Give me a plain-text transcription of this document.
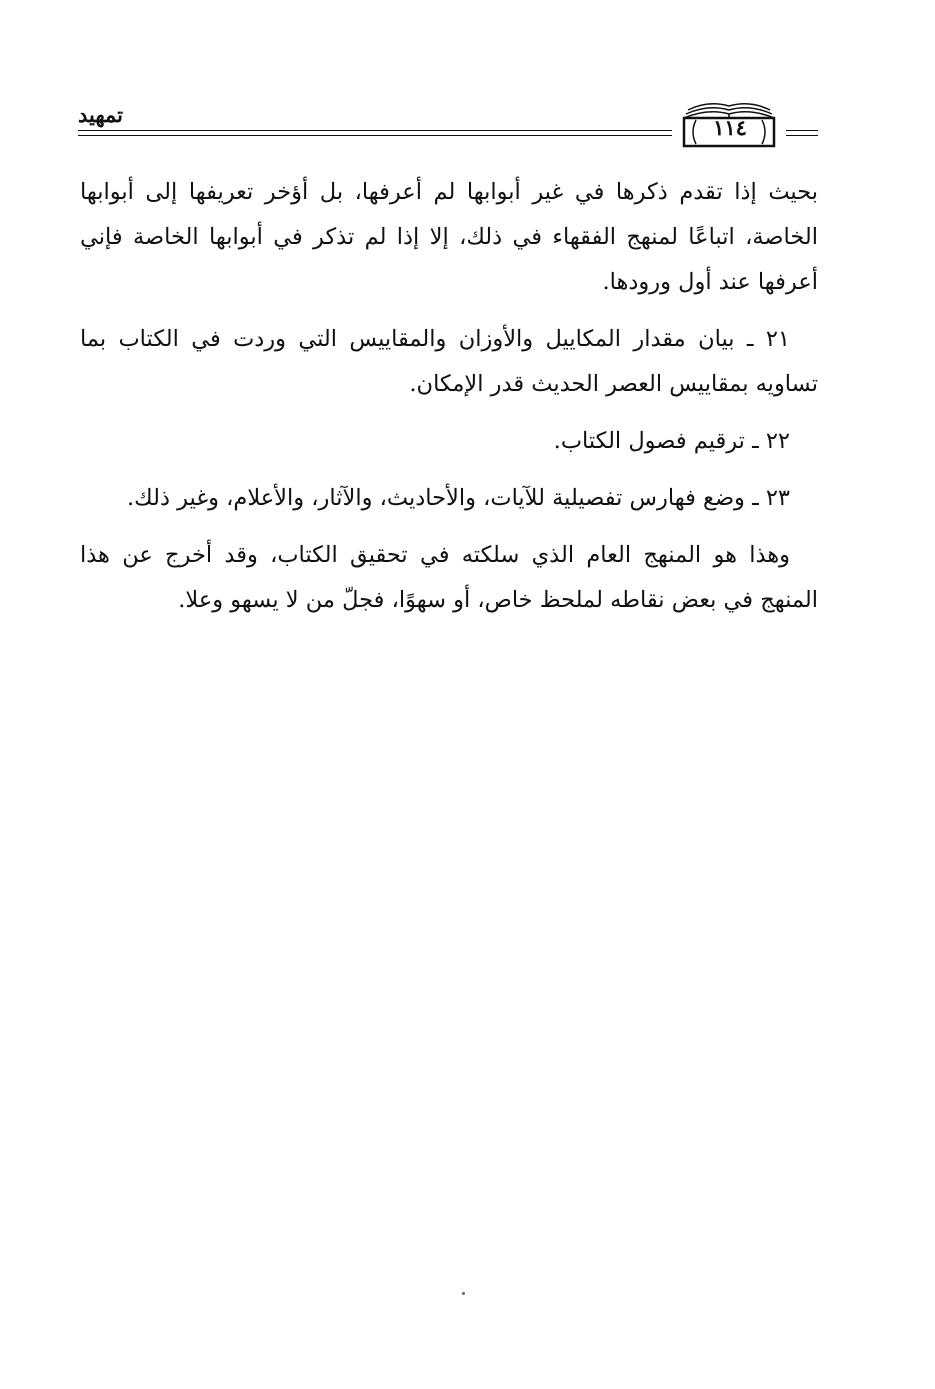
تمهيد
١١٤

بحيث إذا تقدم ذكرها في غير أبوابها لم أعرفها، بل أؤخر تعريفها إلى أبوابها الخاصة، اتباعًا لمنهج الفقهاء في ذلك، إلا إذا لم تذكر في أبوابها الخاصة فإني أعرفها عند أول ورودها.

٢١ ـ بيان مقدار المكاييل والأوزان والمقاييس التي وردت في الكتاب بما تساويه بمقاييس العصر الحديث قدر الإمكان.

٢٢ ـ ترقيم فصول الكتاب.

٢٣ ـ وضع فهارس تفصيلية للآيات، والأحاديث، والآثار، والأعلام، وغير ذلك.

وهذا هو المنهج العام الذي سلكته في تحقيق الكتاب، وقد أخرج عن هذا المنهج في بعض نقاطه لملحظ خاص، أو سهوًا، فجلّ من لا يسهو وعلا.
